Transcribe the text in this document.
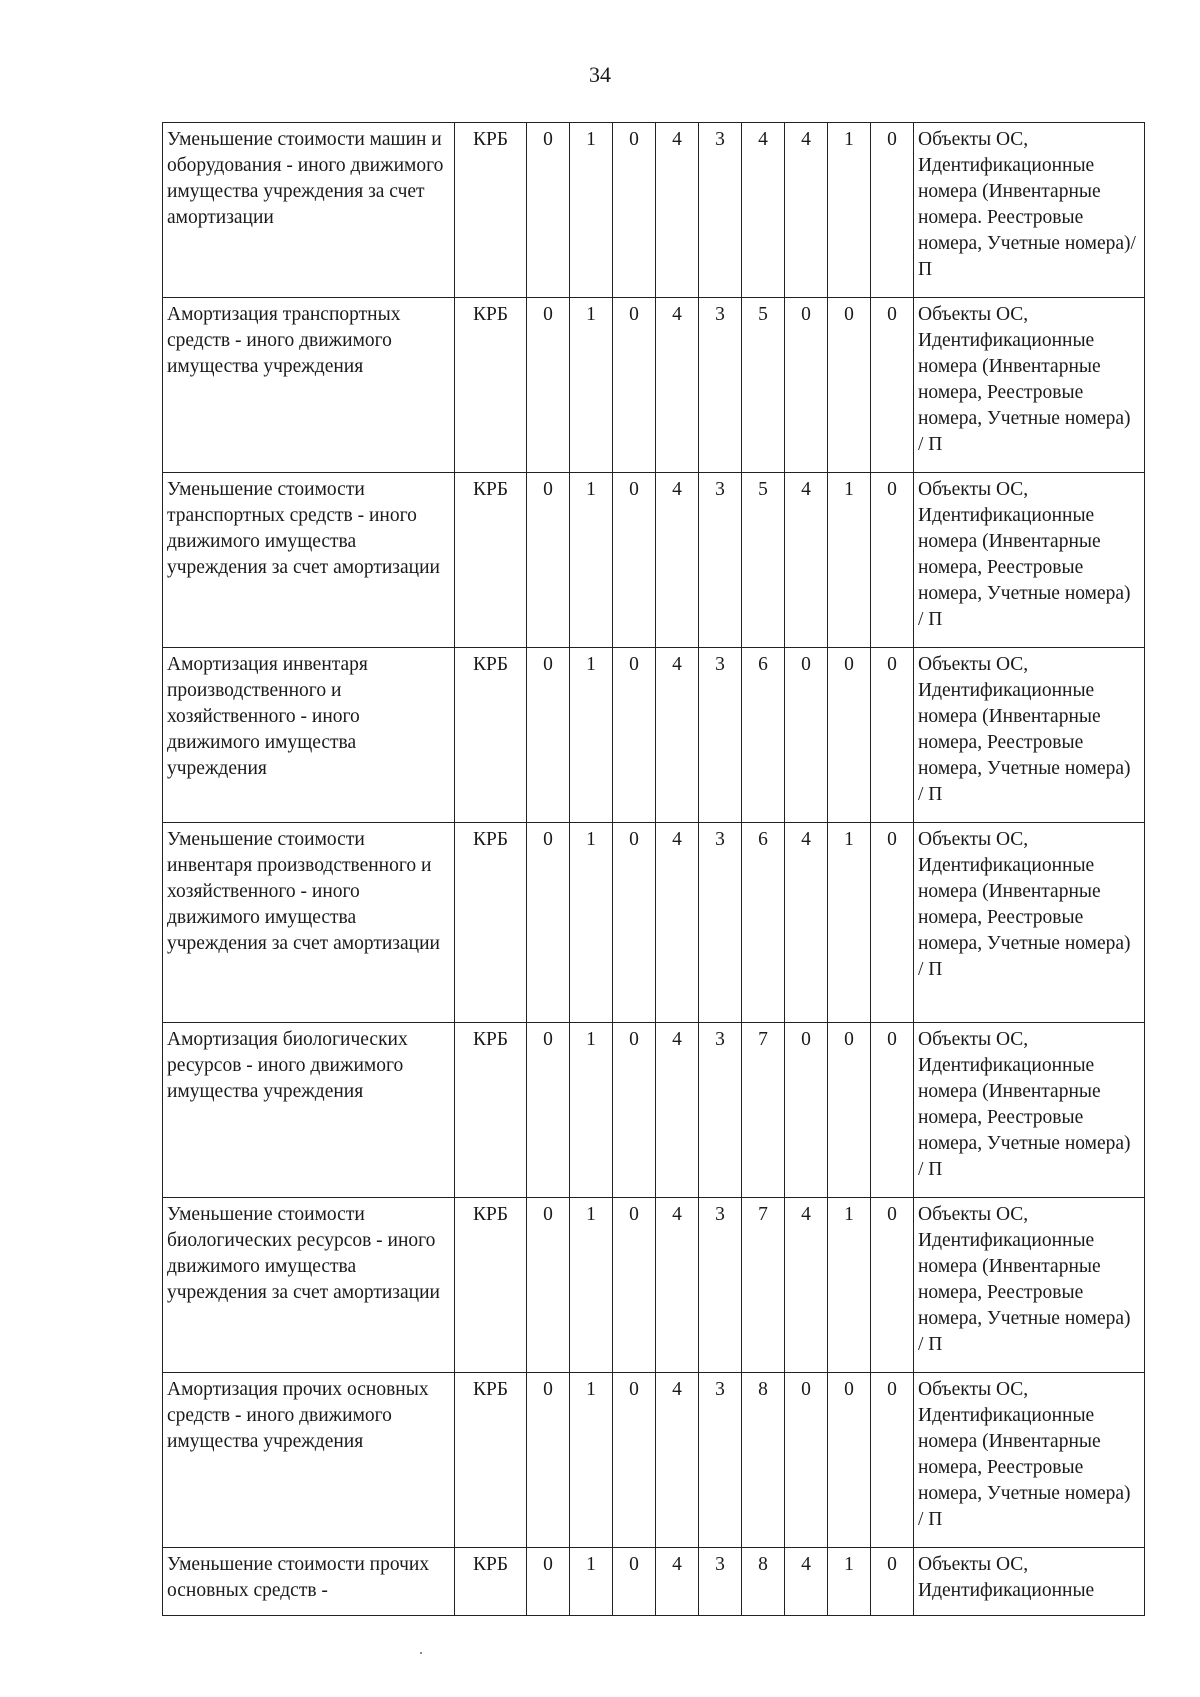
34
Уменьшение стоимости машин и оборудования - иного движимого имущества учреждения за счет амортизации	КРБ	0	1	0	4	3	4	4	1	0	Объекты ОС, Идентификационные номера (Инвентарные номера. Реестровые номера, Учетные номера)/ П
Амортизация транспортных средств - иного движимого имущества учреждения	КРБ	0	1	0	4	3	5	0	0	0	Объекты ОС, Идентификационные номера (Инвентарные номера, Реестровые номера, Учетные номера) / П
Уменьшение стоимости транспортных средств - иного движимого имущества учреждения за счет амортизации	КРБ	0	1	0	4	3	5	4	1	0	Объекты ОС, Идентификационные номера (Инвентарные номера, Реестровые номера, Учетные номера) / П
Амортизация инвентаря производственного и хозяйственного - иного движимого имущества учреждения	КРБ	0	1	0	4	3	6	0	0	0	Объекты ОС, Идентификационные номера (Инвентарные номера, Реестровые номера, Учетные номера) / П
Уменьшение стоимости инвентаря производственного и хозяйственного - иного движимого имущества учреждения за счет амортизации	КРБ	0	1	0	4	3	6	4	1	0	Объекты ОС, Идентификационные номера (Инвентарные номера, Реестровые номера, Учетные номера) / П
Амортизация биологических ресурсов - иного движимого имущества учреждения	КРБ	0	1	0	4	3	7	0	0	0	Объекты ОС, Идентификационные номера (Инвентарные номера, Реестровые номера, Учетные номера) / П
Уменьшение стоимости биологических ресурсов - иного движимого имущества учреждения за счет амортизации	КРБ	0	1	0	4	3	7	4	1	0	Объекты ОС, Идентификационные номера (Инвентарные номера, Реестровые номера, Учетные номера) / П
Амортизация прочих основных средств - иного движимого имущества учреждения	КРБ	0	1	0	4	3	8	0	0	0	Объекты ОС, Идентификационные номера (Инвентарные номера, Реестровые номера, Учетные номера) / П
Уменьшение стоимости прочих основных средств -	КРБ	0	1	0	4	3	8	4	1	0	Объекты ОС, Идентификационные
